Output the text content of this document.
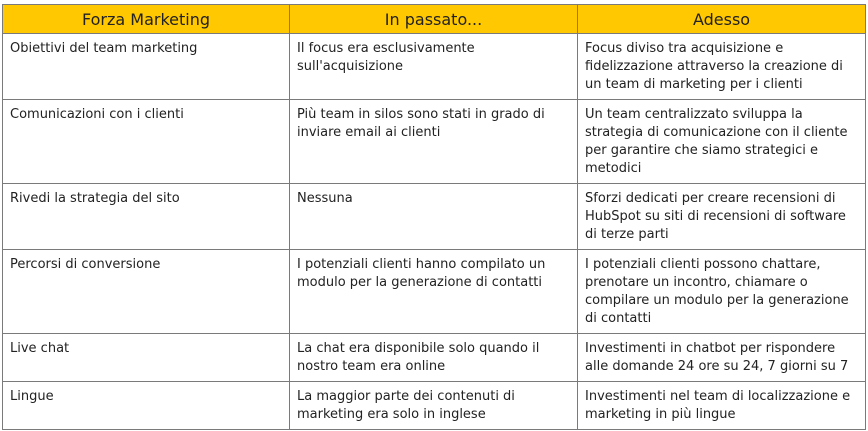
Forza Marketing	In passato...	Adesso
Obiettivi del team marketing	Il focus era esclusivamente sull'acquisizione	Focus diviso tra acquisizione e fidelizzazione attraverso la creazione di un team di marketing per i clienti
Comunicazioni con i clienti	Più team in silos sono stati in grado di inviare email ai clienti	Un team centralizzato sviluppa la strategia di comunicazione con il cliente per garantire che siamo strategici e metodici
Rivedi la strategia del sito	Nessuna	Sforzi dedicati per creare recensioni di HubSpot su siti di recensioni di software di terze parti
Percorsi di conversione	I potenziali clienti hanno compilato un modulo per la generazione di contatti	I potenziali clienti possono chattare, prenotare un incontro, chiamare o compilare un modulo per la generazione di contatti
Live chat	La chat era disponibile solo quando il nostro team era online	Investimenti in chatbot per rispondere alle domande 24 ore su 24, 7 giorni su 7
Lingue	La maggior parte dei contenuti di marketing era solo in inglese	Investimenti nel team di localizzazione e marketing in più lingue
